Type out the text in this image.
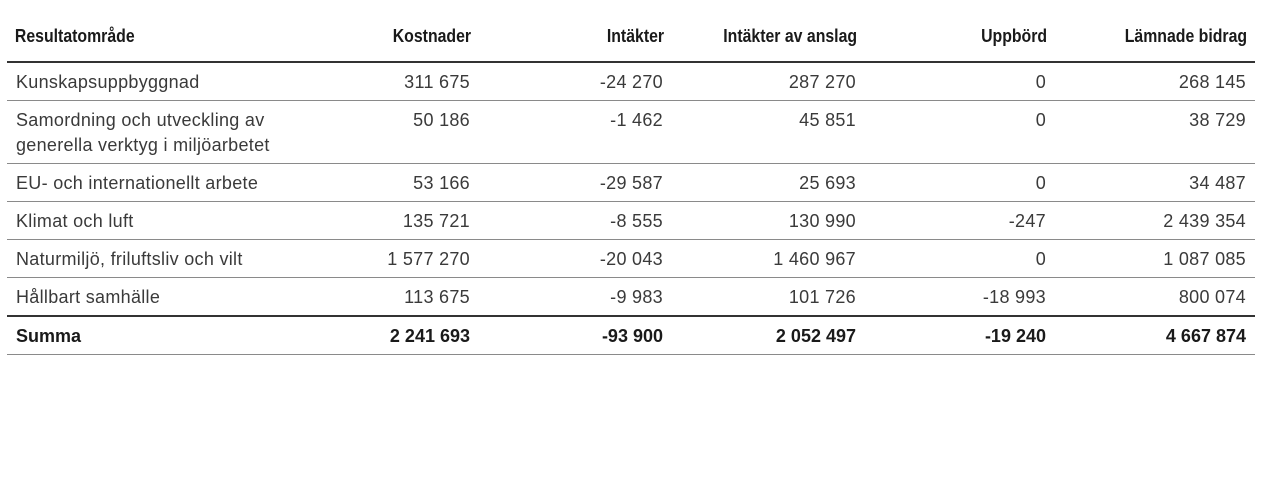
Resultatområde	Kostnader	Intäkter	Intäkter av anslag	Uppbörd	Lämnade bidrag
Kunskapsuppbyggnad	311 675	-24 270	287 270	0	268 145
Samordning och utveckling av generella verktyg i miljöarbetet	50 186	-1 462	45 851	0	38 729
EU- och internationellt arbete	53 166	-29 587	25 693	0	34 487
Klimat och luft	135 721	-8 555	130 990	-247	2 439 354
Naturmiljö, friluftsliv och vilt	1 577 270	-20 043	1 460 967	0	1 087 085
Hållbart samhälle	113 675	-9 983	101 726	-18 993	800 074
Summa	2 241 693	-93 900	2 052 497	-19 240	4 667 874
